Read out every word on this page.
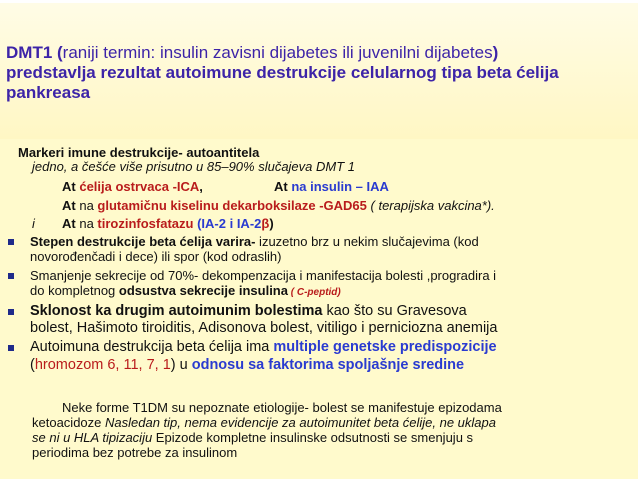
DMT1 (raniji termin: insulin zavisni dijabetes ili juvenilni dijabetes)
predstavlja rezultat autoimune destrukcije celularnog tipa beta ćelija
pankreasa
Markeri imune destrukcije- autoantitela
jedno, a češće više prisutno u 85–90% slučajeva DMT 1
At ćelija ostrvaca -ICA,	At na insulin – IAA
At na glutamičnu kiselinu dekarboksilaze -GAD65 ( terapijska vakcina*).
i At na tirozinfosfatazu (IA-2 i IA-2β)
Stepen destrukcije beta ćelija varira- izuzetno brz u nekim slučajevima (kod
novorođenčadi i dece) ili spor (kod odraslih)
Smanjenje sekrecije od 70%- dekompenzacija i manifestacija bolesti ,progradira i
do kompletnog odsustva sekrecije insulina ( C-peptid)
Sklonost ka drugim autoimunim bolestima kao što su Gravesova
bolest, Hašimoto tiroiditis, Adisonova bolest, vitiligo i perniciozna anemija
Autoimuna destrukcija beta ćelija ima multiple genetske predispozicije
(hromozom 6, 11, 7, 1) u odnosu sa faktorima spoljašnje sredine
Neke forme T1DM su nepoznate etiologije- bolest se manifestuje epizodama
ketoacidoze Nasledan tip, nema evidencije za autoimunitet beta ćelije, ne uklapa
se ni u HLA tipizaciju Epizode kompletne insulinske odsutnosti se smenjuju s
periodima bez potrebe za insulinom
